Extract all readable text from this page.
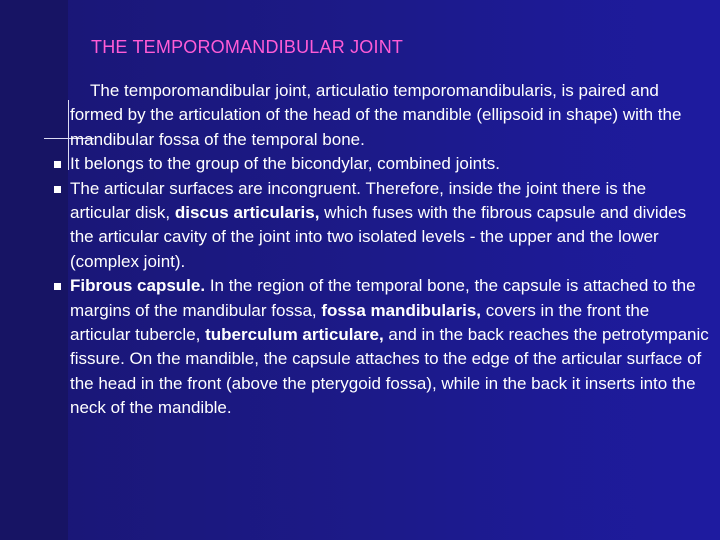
THE TEMPOROMANDIBULAR JOINT

The temporomandibular joint, articulatio temporomandibularis, is paired and formed by the articulation of the head of the mandible (ellipsoid in shape) with the mandibular fossa of the temporal bone.

It belongs to the group of the bicondylar, combined joints.

The articular surfaces are incongruent. Therefore, inside the joint there is the articular disk, discus articularis, which fuses with the fibrous capsule and divides the articular cavity of the joint into two isolated levels - the upper and the lower (complex joint).

Fibrous capsule. In the region of the temporal bone, the capsule is attached to the margins of the mandibular fossa, fossa mandibularis, covers in the front the articular tubercle, tuberculum articulare, and in the back reaches the petrotympanic fissure. On the mandible, the capsule attaches to the edge of the articular surface of the head in the front (above the pterygoid fossa), while in the back it inserts into the neck of the mandible.
